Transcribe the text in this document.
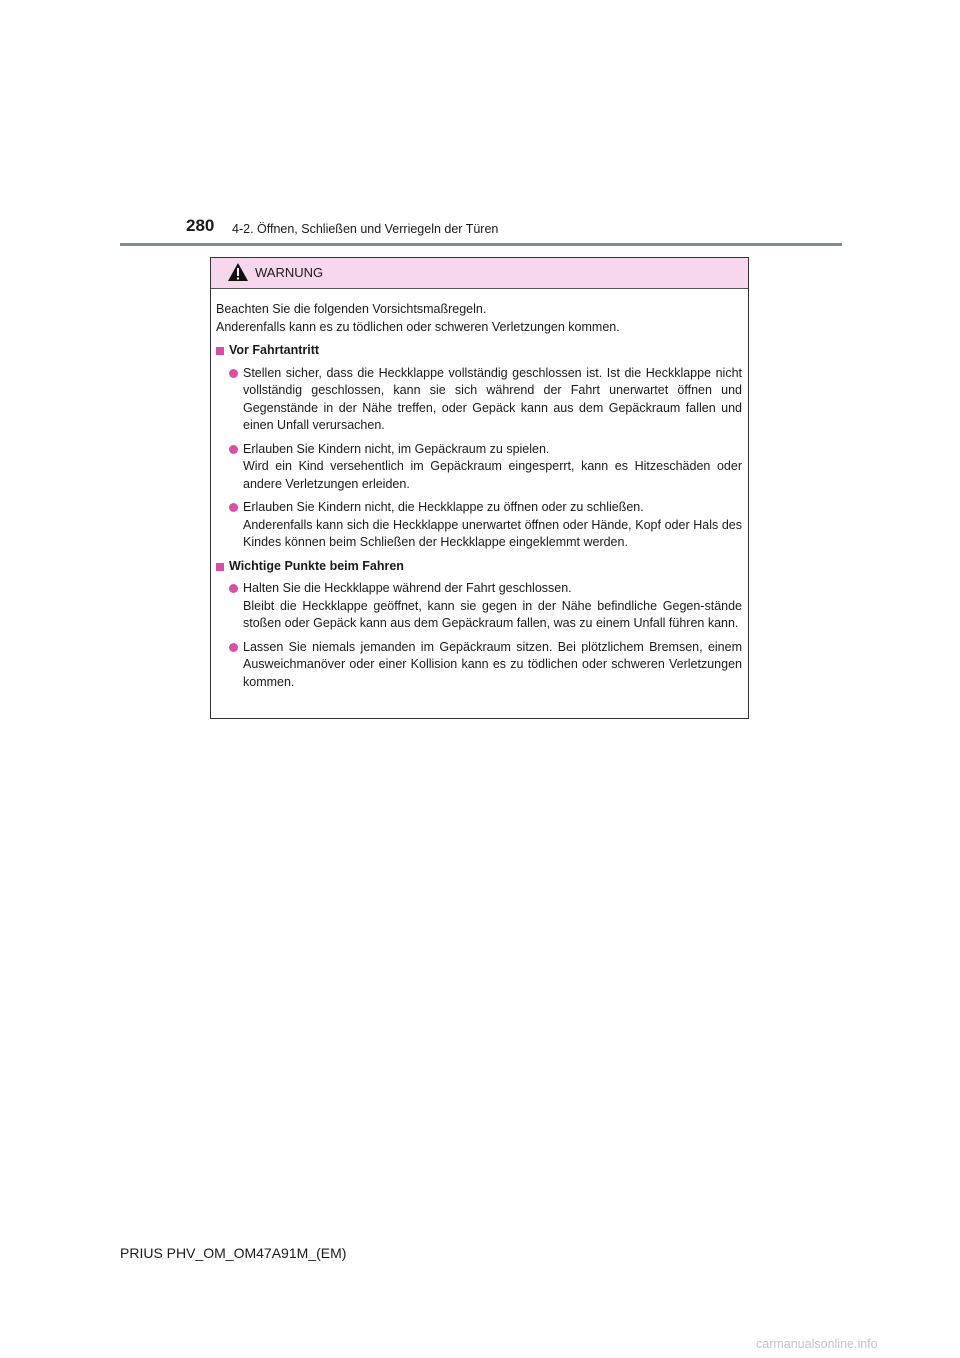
280 4-2. Öffnen, Schließen und Verriegeln der Türen
WARNUNG

Beachten Sie die folgenden Vorsichtsmaßregeln.
Anderenfalls kann es zu tödlichen oder schweren Verletzungen kommen.

Vor Fahrtantritt
Stellen sicher, dass die Heckklappe vollständig geschlossen ist. Ist die Heckklappe nicht vollständig geschlossen, kann sie sich während der Fahrt unerwartet öffnen und Gegenstände in der Nähe treffen, oder Gepäck kann aus dem Gepäckraum fallen und einen Unfall verursachen.
Erlauben Sie Kindern nicht, im Gepäckraum zu spielen.
Wird ein Kind versehentlich im Gepäckraum eingesperrt, kann es Hitzeschäden oder andere Verletzungen erleiden.
Erlauben Sie Kindern nicht, die Heckklappe zu öffnen oder zu schließen.
Anderenfalls kann sich die Heckklappe unerwartet öffnen oder Hände, Kopf oder Hals des Kindes können beim Schließen der Heckklappe eingeklemmt werden.
Wichtige Punkte beim Fahren
Halten Sie die Heckklappe während der Fahrt geschlossen.
Bleibt die Heckklappe geöffnet, kann sie gegen in der Nähe befindliche Gegen-stände stoßen oder Gepäck kann aus dem Gepäckraum fallen, was zu einem Unfall führen kann.
Lassen Sie niemals jemanden im Gepäckraum sitzen. Bei plötzlichem Bremsen, einem Ausweichmanöver oder einer Kollision kann es zu tödlichen oder schweren Verletzungen kommen.
PRIUS PHV_OM_OM47A91M_(EM)
carmanualsonline.info
